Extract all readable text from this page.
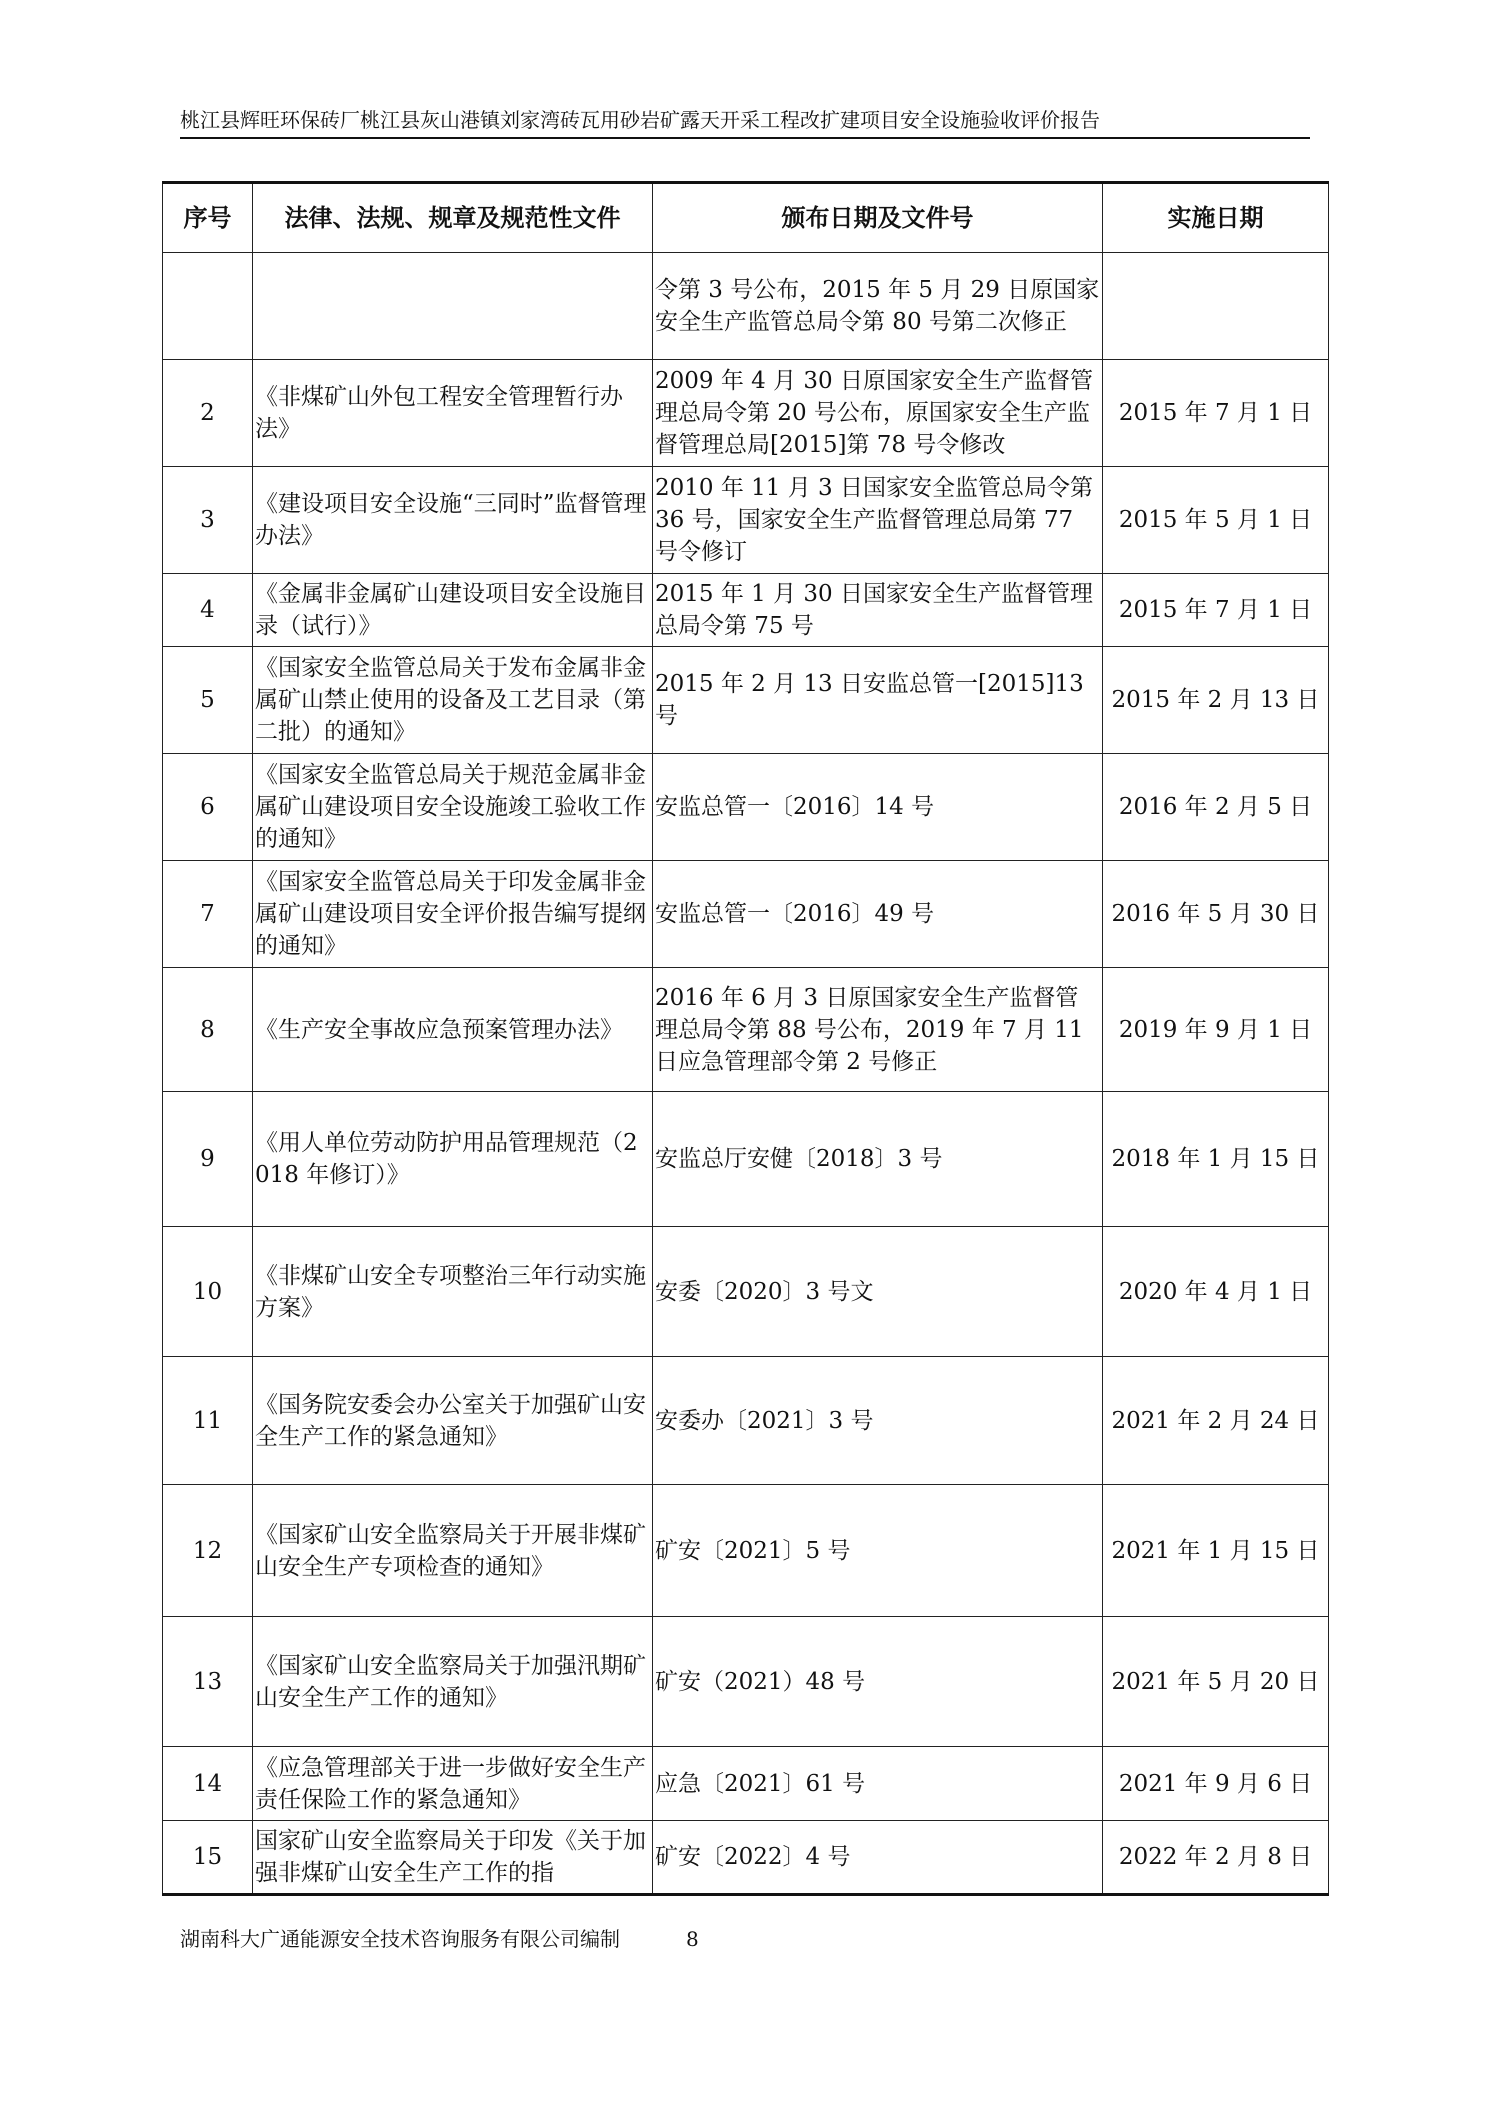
桃江县辉旺环保砖厂桃江县灰山港镇刘家湾砖瓦用砂岩矿露天开采工程改扩建项目安全设施验收评价报告
序号	法律、法规、规章及规范性文件	颁布日期及文件号	实施日期
		令第 3 号公布，2015 年 5 月 29 日原国家安全生产监管总局令第 80 号第二次修正	
2	《非煤矿山外包工程安全管理暂行办法》	2009 年 4 月 30 日原国家安全生产监督管理总局令第 20 号公布，原国家安全生产监督管理总局[2015]第 78 号令修改	2015 年 7 月 1 日
3	《建设项目安全设施“三同时”监督管理办法》	2010 年 11 月 3 日国家安全监管总局令第 36 号，国家安全生产监督管理总局第 77 号令修订	2015 年 5 月 1 日
4	《金属非金属矿山建设项目安全设施目录（试行）》	2015 年 1 月 30 日国家安全生产监督管理总局令第 75 号	2015 年 7 月 1 日
5	《国家安全监管总局关于发布金属非金属矿山禁止使用的设备及工艺目录（第二批）的通知》	2015 年 2 月 13 日安监总管一[2015]13 号	2015 年 2 月 13 日
6	《国家安全监管总局关于规范金属非金属矿山建设项目安全设施竣工验收工作的通知》	安监总管一〔2016〕14 号	2016 年 2 月 5 日
7	《国家安全监管总局关于印发金属非金属矿山建设项目安全评价报告编写提纲的通知》	安监总管一〔2016〕49 号	2016 年 5 月 30 日
8	《生产安全事故应急预案管理办法》	2016 年 6 月 3 日原国家安全生产监督管理总局令第 88 号公布，2019 年 7 月 11 日应急管理部令第 2 号修正	2019 年 9 月 1 日
9	《用人单位劳动防护用品管理规范（2018 年修订）》	安监总厅安健〔2018〕3 号	2018 年 1 月 15 日
10	《非煤矿山安全专项整治三年行动实施方案》	安委〔2020〕3 号文	2020 年 4 月 1 日
11	《国务院安委会办公室关于加强矿山安全生产工作的紧急通知》	安委办〔2021〕3 号	2021 年 2 月 24 日
12	《国家矿山安全监察局关于开展非煤矿山安全生产专项检查的通知》	矿安〔2021〕5 号	2021 年 1 月 15 日
13	《国家矿山安全监察局关于加强汛期矿山安全生产工作的通知》	矿安（2021）48 号	2021 年 5 月 20 日
14	《应急管理部关于进一步做好安全生产责任保险工作的紧急通知》	应急〔2021〕61 号	2021 年 9 月 6 日
15	国家矿山安全监察局关于印发《关于加强非煤矿山安全生产工作的指	矿安〔2022〕4 号	2022 年 2 月 8 日
湖南科大广通能源安全技术咨询服务有限公司编制	8
